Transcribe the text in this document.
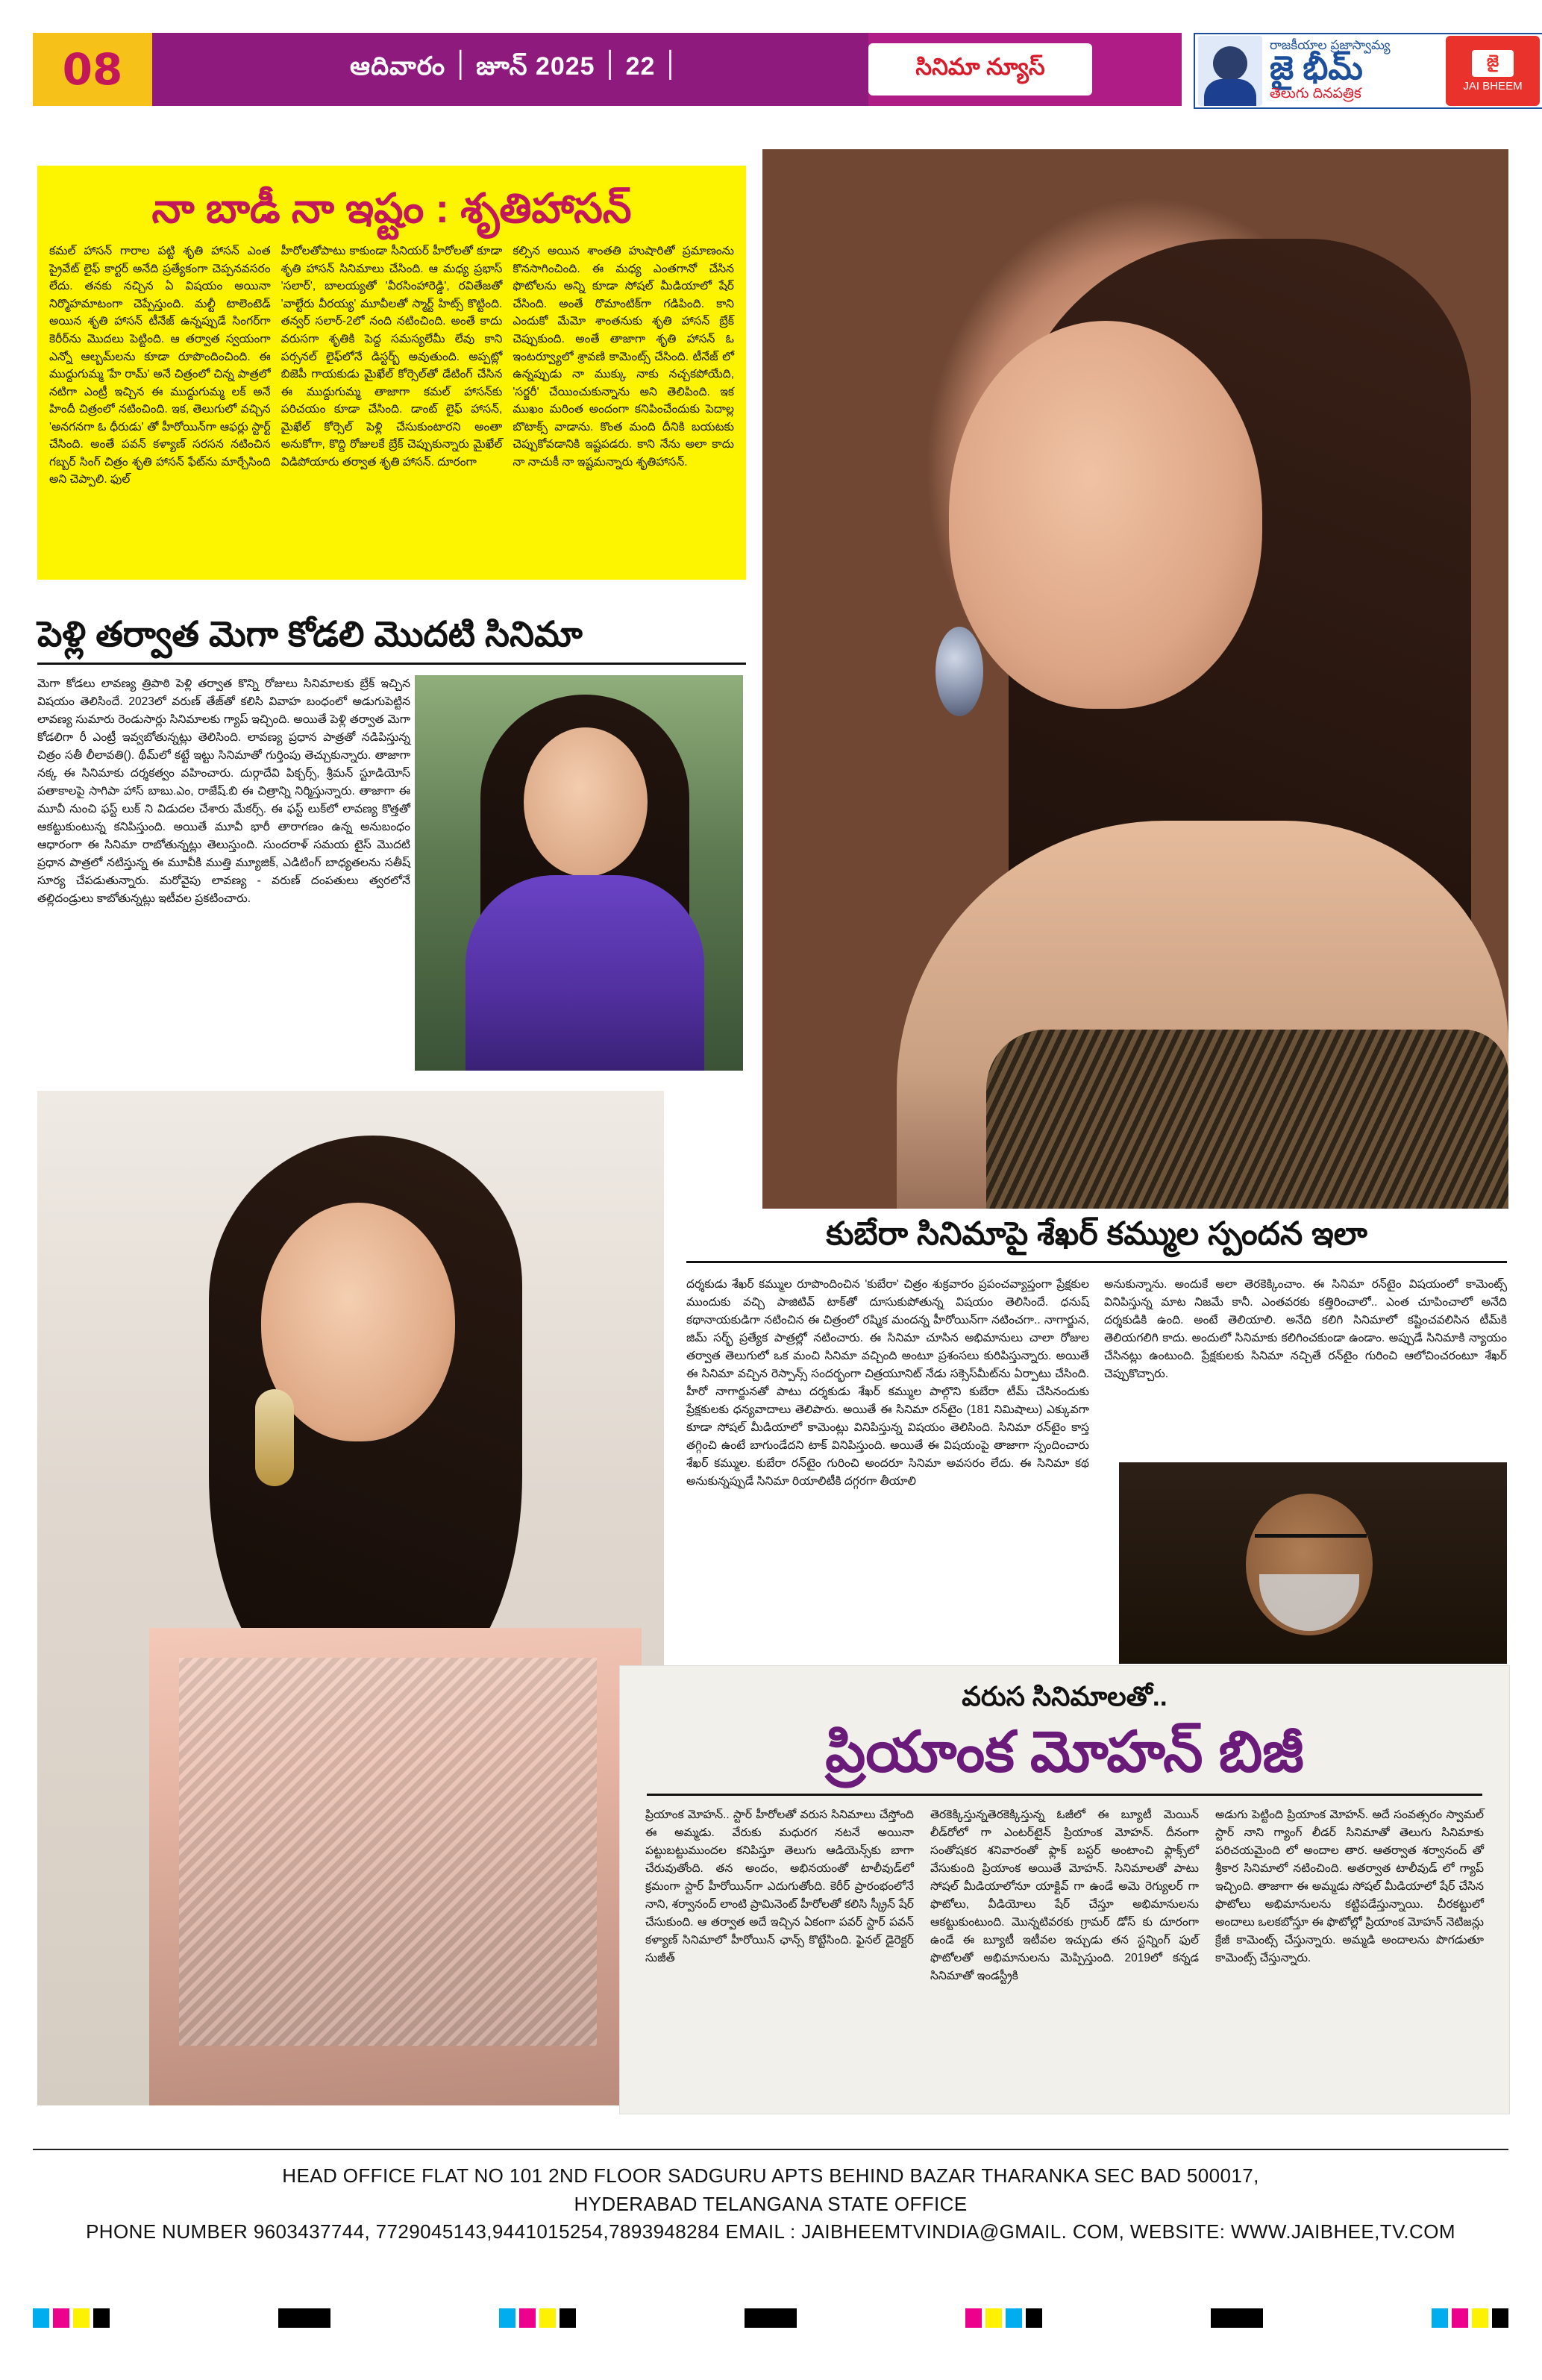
08	ఆదివారం ׀ జూన్ ׀ 22 ׀ 2025	సినిమా న్యూస్
రాజకీయాల ప్రజాస్వామ్య
జై భీమ్
తెలుగు దినపత్రిక
జై
JAI BHEEM
నా బాడీ నా ఇష్టం : శృతిహాసన్
కమల్ హాసన్ గారాల పట్టి శృతి హాసన్ ఎంత ప్రైవేట్ లైఫ్ కార్టర్ అనేది ప్రత్యేకంగా చెప్పనవసరం లేదు. తనకు నచ్చిన ఏ విషయం అయినా నిర్మొహమాటంగా చెప్పేస్తుంది. మల్టీ టాలెంటెడ్ అయిన శృతి హాసన్ టీనేజ్ ఉన్నప్పుడే సింగర్‌గా కెరీర్‌ను మొదలు పెట్టింది. ఆ తర్వాత స్వయంగా ఎన్నో ఆల్బమ్‌లను కూడా రూపొందించింది. ఈ ముద్దుగుమ్మ 'హే రామ్' అనే చిత్రంలో చిన్న పాత్రలో నటిగా ఎంట్రీ ఇచ్చిన ఈ ముద్దుగుమ్మ లక్ అనే హిందీ చిత్రంలో నటించింది. ఇక, తెలుగులో వచ్చిన 'అనగనగా ఓ ధీరుడు' తో హీరోయిన్‌గా ఆఫర్లు స్టార్ట్ చేసింది. అంతే పవన్ కళ్యాణ్ సరసన నటించిన గబ్బర్ సింగ్ చిత్రం శృతి హాసన్ ఫేట్‌ను మార్చేసింది అని చెప్పాలి. ఫుల్
హీరోలతోపాటు కాకుండా సీనియర్ హీరోలతో కూడా శృతి హాసన్ సినిమాలు చేసింది. ఆ మధ్య ప్రభాస్ 'సలార్', బాలయ్యతో 'వీరసింహారెడ్డి', రవితేజతో 'వాల్టేరు వీరయ్య' మూవీలతో స్మార్ట్ హిట్స్ కొట్టింది. తన్వర్ సలార్-2లో నంది నటించింది. అంతే కాదు వరుసగా శృతికి పెద్ద సమస్యలేమీ లేవు కాని పర్సనల్ లైఫ్‌లోనే డిస్టర్బ్ అవుతుంది. అప్పట్లో బిజెపీ గాయకుడు మైఖేల్ కోర్సెల్‌తో డేటింగ్ చేసిన ఈ ముద్దుగుమ్మ తాజాగా కమల్ హాసన్‌కు పరిచయం కూడా చేసింది. డాంట్ లైఫ్ హాసన్, మైఖేల్ కోర్సెల్ పెళ్లి చేసుకుంటారని అంతా అనుకోగా, కొద్ది రోజులకే బ్రేక్ చెప్పుకున్నారు మైఖేల్ విడిపోయారు తర్వాత శృతి హాసన్. దూరంగా
కల్సిన అయిన శాంతతి హుషారితో ప్రమాణంను కొనసాగించింది. ఈ మధ్య ఎంతగానో చేసిన ఫొటోలను అన్ని కూడా సోషల్ మీడియాలో షేర్ చేసింది. అంతే రొమాంటిక్‌గా గడిపింది. కాని ఎందుకో మేమో శాంతనుకు శృతి హాసన్ బ్రేక్ చెప్పుకుంది. అంతే తాజాగా శృతి హాసన్ ఓ ఇంటర్వ్యూలో శ్రావణి కామెంట్స్ చేసింది. టీనేజ్ లో ఉన్నప్పుడు నా ముక్కు నాకు నచ్చకపోయేది, 'సర్జరీ' చేయించుకున్నాను అని తెలిపింది. ఇక ముఖం మరింత అందంగా కనిపించేందుకు పెదాల్ల బొటాక్స్ వాడాను. కొంత మంది దీనికి బయటకు చెప్పుకోవడానికి ఇష్టపడరు. కాని నేను అలా కాదు నా నాచుకీ నా ఇష్టమన్నారు శృతిహాసన్.
పెళ్లి తర్వాత మెగా కోడలి మొదటి సినిమా
మెగా కోడలు లావణ్య త్రిపాఠి పెళ్లి తర్వాత కొన్ని రోజులు సినిమాలకు బ్రేక్ ఇచ్చిన విషయం తెలిసిందే. 2023లో వరుణ్ తేజ్‌తో కలిసి వివాహ బంధంలో అడుగుపెట్టిన లావణ్య సుమారు రెండుసార్లు సినిమాలకు గ్యాప్ ఇచ్చింది. అయితే పెళ్లి తర్వాత మెగా కోడలిగా రీ ఎంట్రీ ఇవ్వబోతున్నట్లు తెలిసింది. లావణ్య ప్రధాన పాత్రతో నడిపిస్తున్న చిత్రం సతీ లీలావతి(). థీమ్‌లో కట్టే ఇట్టు సినిమాతో గుర్తింపు తెచ్చుకున్నారు. తాజాగా నక్క ఈ సినిమాకు దర్శకత్వం వహించారు. దుర్గాదేవి పిక్చర్స్, శ్రీమన్ స్టూడియోస్ పతాకాలపై సాగిపా హాస్ బాబు.ఎం, రాజేష్.బి ఈ చిత్రాన్ని నిర్మిస్తున్నారు. తాజాగా ఈ మూవీ నుంచి ఫస్ట్ లుక్ ని విడుదల చేశారు మేకర్స్. ఈ ఫస్ట్ లుక్‌లో లావణ్య కొత్తతో ఆకట్టుకుంటున్న కనిపిస్తుంది. అయితే మూవీ భారీ తారాగణం ఉన్న అనుబంధం ఆధారంగా ఈ సినిమా రాబోతున్నట్లు తెలుస్తుంది. సుందరాళ్ సమయ టైస్ మొదటి ప్రధాన పాత్రలో నటిస్తున్న ఈ మూవీకి ముత్తి మ్యూజిక్, ఎడిటింగ్ బాధ్యతలను సతీష్ సూర్య చేపడుతున్నారు. మరోవైపు లావణ్య - వరుణ్ దంపతులు త్వరలోనే తల్లిదండ్రులు కాబోతున్నట్లు ఇటీవల ప్రకటించారు.
కుబేరా సినిమాపై శేఖర్ కమ్ముల స్పందన ఇలా
దర్శకుడు శేఖర్ కమ్ముల రూపొందించిన 'కుబేరా' చిత్రం శుక్రవారం ప్రపంచవ్యాప్తంగా ప్రేక్షకుల ముందుకు వచ్చి పాజిటివ్ టాక్‌తో దూసుకుపోతున్న విషయం తెలిసిందే. ధనుష్ కథానాయకుడిగా నటించిన ఈ చిత్రంలో రష్మిక మందన్న హీరోయిన్‌గా నటించగా.. నాగార్జున, జిమ్ సర్భ్ ప్రత్యేక పాత్రల్లో నటించారు. ఈ సినిమా చూసిన అభిమానులు చాలా రోజుల తర్వాత తెలుగులో ఒక మంచి సినిమా వచ్చింది అంటూ ప్రశంసలు కురిపిస్తున్నారు. అయితే ఈ సినిమా వచ్చిన రెస్పాన్స్ సందర్భంగా చిత్రయూనిట్ నేడు సక్సెస్‌మీట్‌ను ఏర్పాటు చేసింది. హీరో నాగార్జునతో పాటు దర్శకుడు శేఖర్ కమ్ముల పాల్గొని కుబేరా టీమ్ చేసినందుకు ప్రేక్షకులకు ధన్యవాదాలు తెలిపారు. అయితే ఈ సినిమా రన్‌టైం (181 నిమిషాలు) ఎక్కువగా కూడా సోషల్ మీడియాలో కామెంట్లు వినిపిస్తున్న విషయం తెలిసింది. సినిమా రన్‌టైం కాస్త తగ్గించి ఉంటే బాగుండేదని టాక్ వినిపిస్తుంది. అయితే ఈ విషయంపై తాజాగా స్పందించారు శేఖర్ కమ్ముల. కుబేరా రన్‌టైం గురించి అందరూ సినిమా అవసరం లేదు. ఈ సినిమా కథ అనుకున్నప్పుడే సినిమా రియాలిటీకి దగ్గరగా తీయాలి
అనుకున్నాను. అందుకే అలా తెరకెక్కించాం. ఈ సినిమా రన్‌టైం విషయంలో కామెంట్స్ వినిపిస్తున్న మాట నిజమే కానీ. ఎంతవరకు కత్తిరించాలో.. ఎంత చూపించాలో అనేది దర్శకుడికి ఉంది. అంటే తెలియాలి. అనేది కలిగి సినిమాలో కష్టించవలిసిన టీమ్‌కి తెలియగలిగి కాదు. అందులో సినిమాకు కలిగించకుండా ఉండాం. అప్పుడే సినిమాకి న్యాయం చేసినట్లు ఉంటుంది. ప్రేక్షకులకు సినిమా నచ్చితే రన్‌టైం గురించి ఆలోచించరంటూ శేఖర్ చెప్పుకొచ్చారు.
వరుస సినిమాలతో..
ప్రియాంక మోహన్ బిజీ
ప్రియాంక మోహన్.. స్టార్ హీరోలతో వరుస సినిమాలు చేస్తోంది ఈ అమ్మడు. వేరుకు మధురగ నటనే అయినా పట్టుబట్టుముందల కనిపిస్తూ తెలుగు ఆడియెన్స్‌కు బాగా చేరువుతోంది. తన అందం, అభినయంతో టాలీవుడ్‌లో క్రమంగా స్టార్ హీరోయిన్‌గా ఎదుగుతోంది. కెరీర్ ప్రారంభంలోనే నాని, శర్వానంద్ లాంటి ప్రామినెంట్ హీరోలతో కలిసి స్క్రీన్ షేర్ చేసుకుంది. ఆ తర్వాత అదే ఇచ్చిన ఏకంగా పవర్ స్టార్ పవన్ కళ్యాణ్ సినిమాలో హీరోయిన్ ఛాన్స్ కొట్టేసింది. ఫైనల్ డైరెక్టర్ సుజీత్
తెరకెక్కిస్తున్నతెరకెక్కిస్తున్న ఓజీలో ఈ బ్యూటీ మెయిన్ లీడ్‌రోలో గా ఎంటర్‌టైన్ ప్రియాంక మోహన్. దీనంగా సంతోషకర శనివారంతో ఫ్లాక్ బస్టర్ అంటాంచి ఫ్లాక్స్‌లో వేసుకుంది ప్రియాంక అయితే మోహన్. సినిమాలతో పాటు సోషల్ మీడియాలోనూ యాక్టివ్ గా ఉండే అమె రెగ్యులర్ గా ఫొటోలు, వీడియోలు షేర్ చేస్తూ అభిమానులను ఆకట్టుకుంటుంది. మొన్నటివరకు గ్రామర్ డోస్ కు దూరంగా ఉండే ఈ బ్యూటీ ఇటీవల ఇచ్చుడు తన స్టన్నింగ్ ఫుల్ ఫొటోలతో అభిమానులను మెప్పిస్తుంది. 2019లో కన్నడ సినిమాతో ఇండస్ట్రీకి
అడుగు పెట్టింది ప్రియాంక మోహన్. అదే సంవత్సరం స్వామల్ స్టార్ నాని గ్యాంగ్ లీడర్ సినిమాతో తెలుగు సినిమాకు పరిచయమైంది లో అందాల తార. ఆతర్వాత శర్వానంద్ తో శ్రీకార సినిమాలో నటించింది. అతర్వాత టాలీవుడ్ లో గ్యాప్ ఇచ్చింది. తాజాగా ఈ అమ్మడు సోషల్ మీడియాలో షేర్ చేసిన ఫొటోలు అభిమానులను కట్టిపడేస్తున్నాయి. చీరకట్టులో అందాలు ఒలకబోస్తూ ఈ ఫొటోల్లో ప్రియాంక మోహన్ నెటిజన్లు క్రేజీ కామెంట్స్ చేస్తున్నారు. అమ్మడి అందాలను పొగడుతూ కామెంట్స్ చేస్తున్నారు.
HEAD OFFICE FLAT NO 101 2ND FLOOR SADGURU APTS BEHIND BAZAR THARANKA SEC BAD 500017,
HYDERABAD TELANGANA STATE OFFICE
PHONE NUMBER 9603437744, 7729045143,9441015254,7893948284 EMAIL : JAIBHEEMTVINDIA@GMAIL. COM, WEBSITE: WWW.JAIBHEE,TV.COM
